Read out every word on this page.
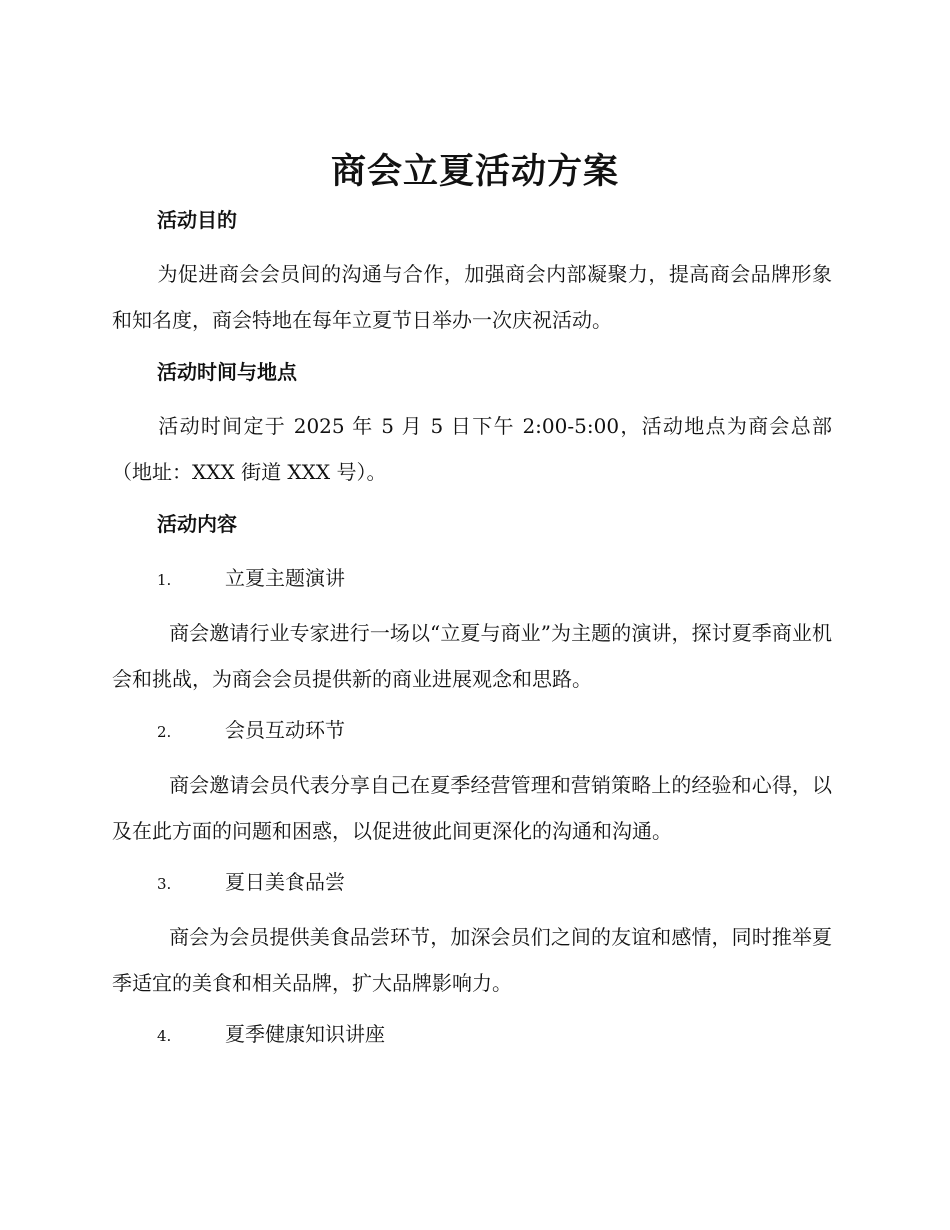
商会立夏活动方案
活动目的

为促进商会会员间的沟通与合作，加强商会内部凝聚力，提高商会品牌形象和知名度，商会特地在每年立夏节日举办一次庆祝活动。

活动时间与地点

活动时间定于 2025 年 5 月 5 日下午 2:00-5:00，活动地点为商会总部（地址：XXX 街道 XXX 号）。

活动内容

1.	立夏主题演讲

商会邀请行业专家进行一场以“立夏与商业”为主题的演讲，探讨夏季商业机会和挑战，为商会会员提供新的商业进展观念和思路。

2.	会员互动环节

商会邀请会员代表分享自己在夏季经营管理和营销策略上的经验和心得，以及在此方面的问题和困惑，以促进彼此间更深化的沟通和沟通。

3.	夏日美食品尝

商会为会员提供美食品尝环节，加深会员们之间的友谊和感情，同时推举夏季适宜的美食和相关品牌，扩大品牌影响力。

4.	夏季健康知识讲座
